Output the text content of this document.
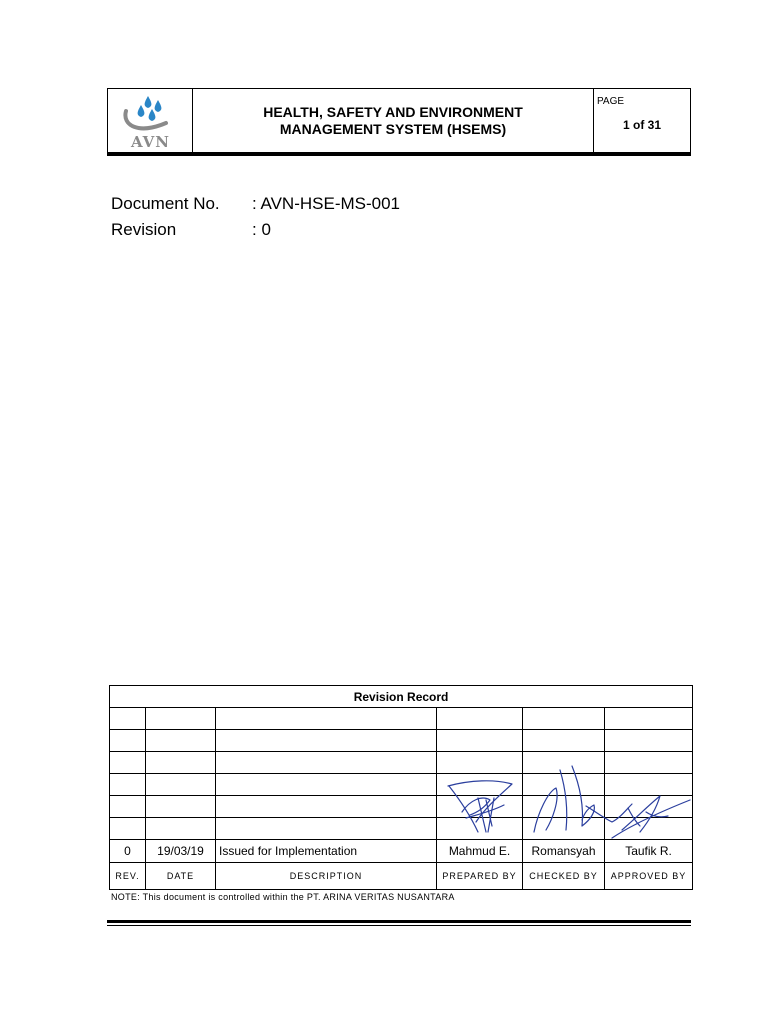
AVN
HEALTH, SAFETY AND ENVIRONMENT
MANAGEMENT SYSTEM (HSEMS)
PAGE
1 of 31
Document No. : AVN-HSE-MS-001
Revision	: 0
Revision Record					

0	19/03/19	Issued for Implementation	Mahmud E.	Romansyah	Taufik R.
REV.	DATE	DESCRIPTION	PREPARED BY	CHECKED BY	APPROVED BY
NOTE: This document is controlled within the PT. ARINA VERITAS NUSANTARA
